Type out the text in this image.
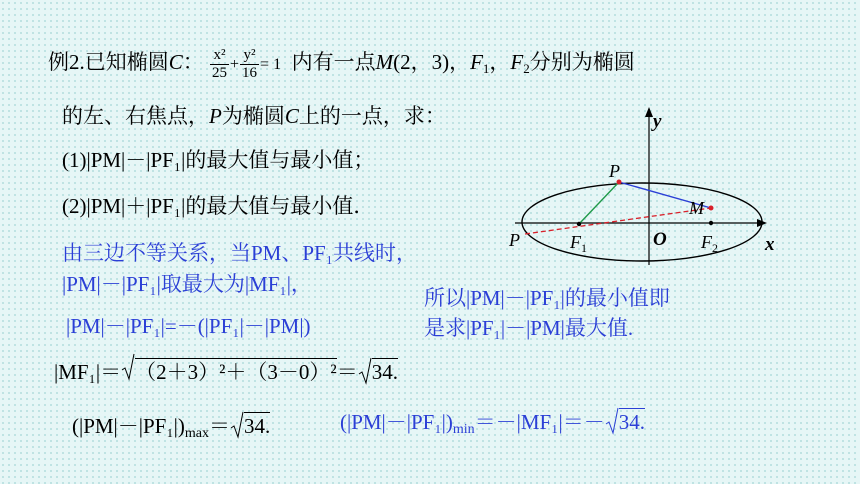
例2.已知椭圆C： $\frac{\text{x²}}{25} + \frac{\text{y²}}{16} = 1$ 内有一点M(2，3)，$F_1$，$F_2$分别为椭圆
的左、右焦点，P为椭圆C上的一点，求：
(1)|PM|－|PF₁|的最大值与最小值；
(2)|PM|＋|PF₁|的最大值与最小值．
由三边不等关系，当PM、PF₁共线时，
|PM|－|PF₁|取最大为|MF₁|，
|PM|－|PF₁|=－(|PF₁|－|PM|)
所以|PM|－|PF₁|的最小值即
是求|PF₁|－|PM|最大值.
|MF₁|＝ （2＋3）²＋（3－0）²＝ 34.
$(|PM|-|PF_1|)_{max}= 34$.	$(|PM|-|PF_1|)_{min}=-|MF_1|=- 34$.
y
x
O
P
P
M
$F_1$	$F_2$
